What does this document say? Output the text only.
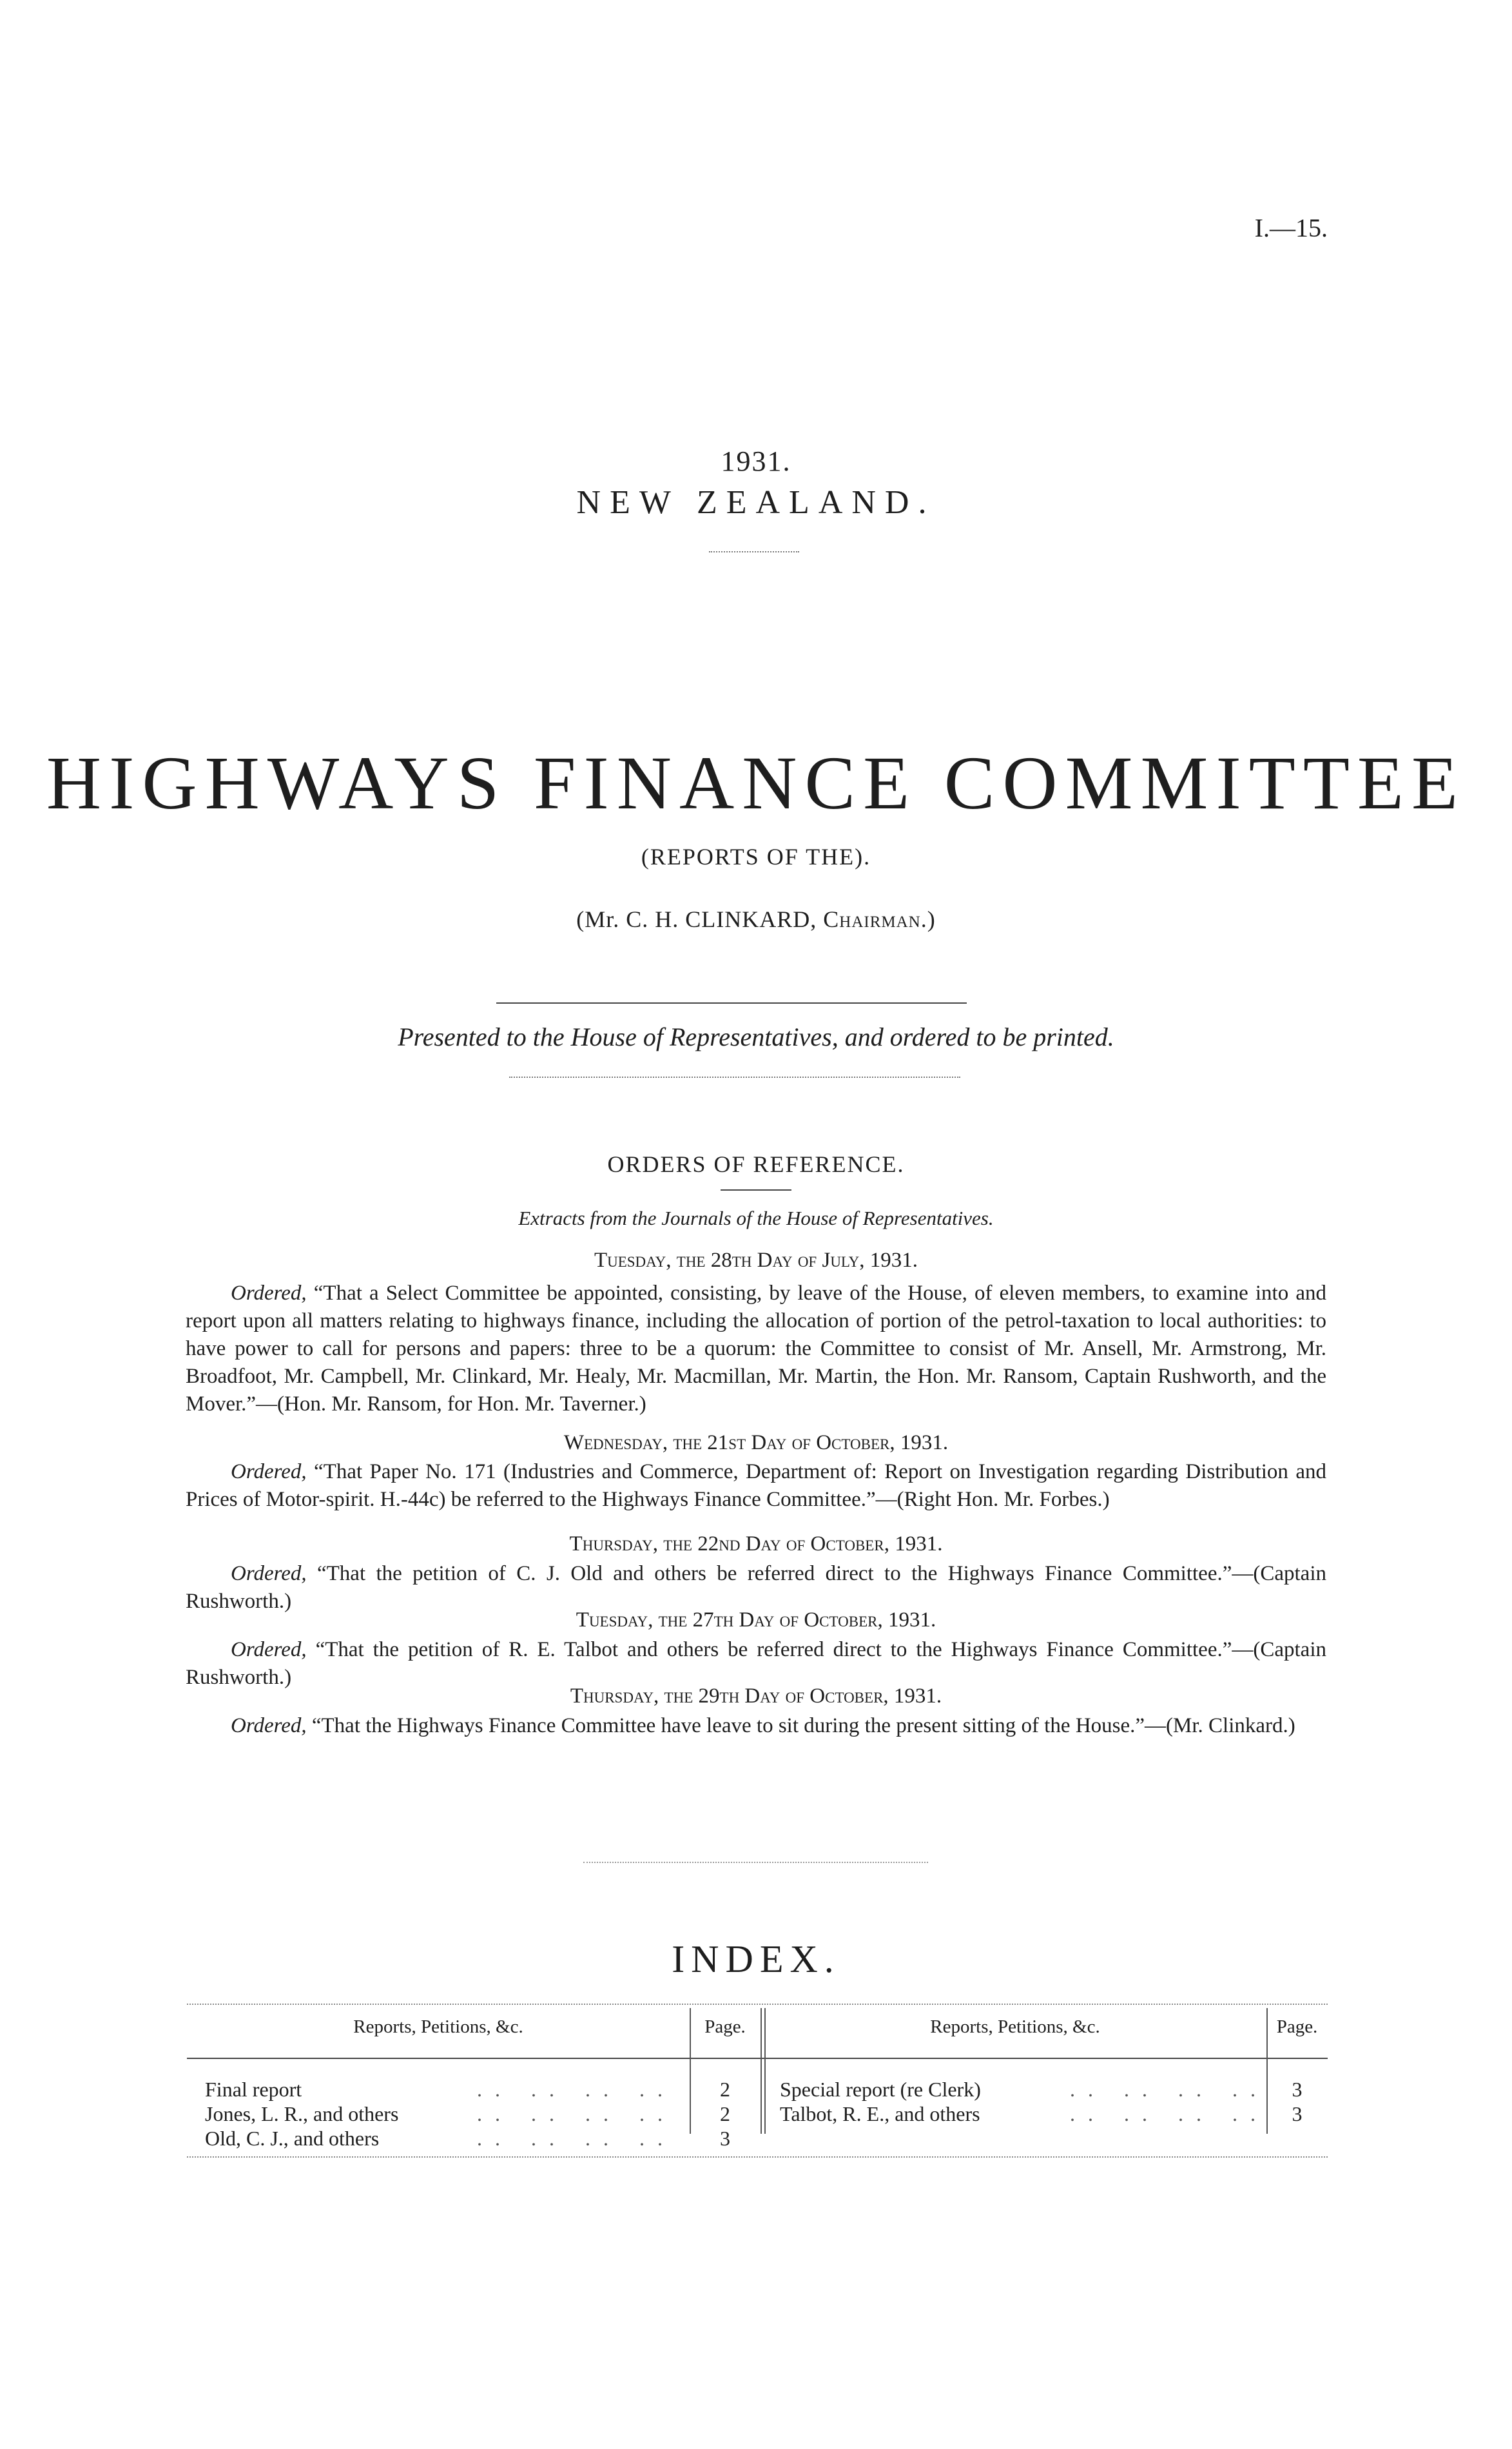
I.—15.
1931.
NEW ZEALAND.
HIGHWAYS FINANCE COMMITTEE
(REPORTS OF THE).
(Mr. C. H. CLINKARD, Chairman.)
Presented to the House of Representatives, and ordered to be printed.
ORDERS OF REFERENCE.
Extracts from the Journals of the House of Representatives.
Tuesday, the 28th Day of July, 1931.
Ordered, “That a Select Committee be appointed, consisting, by leave of the House, of eleven members, to examine into and report upon all matters relating to highways finance, including the allocation of portion of the petrol-taxation to local authorities: to have power to call for persons and papers: three to be a quorum: the Committee to consist of Mr. Ansell, Mr. Armstrong, Mr. Broadfoot, Mr. Campbell, Mr. Clinkard, Mr. Healy, Mr. Macmillan, Mr. Martin, the Hon. Mr. Ransom, Captain Rushworth, and the Mover.”—(Hon. Mr. Ransom, for Hon. Mr. Taverner.)
Wednesday, the 21st Day of October, 1931.
Ordered, “That Paper No. 171 (Industries and Commerce, Department of: Report on Investigation regarding Distribution and Prices of Motor-spirit. H.-44c) be referred to the Highways Finance Committee.”—(Right Hon. Mr. Forbes.)
Thursday, the 22nd Day of October, 1931.
Ordered, “That the petition of C. J. Old and others be referred direct to the Highways Finance Committee.”—(Captain Rushworth.)
Tuesday, the 27th Day of October, 1931.
Ordered, “That the petition of R. E. Talbot and others be referred direct to the Highways Finance Committee.”—(Captain Rushworth.)
Thursday, the 29th Day of October, 1931.
Ordered, “That the Highways Finance Committee have leave to sit during the present sitting of the House.”—(Mr. Clinkard.)
INDEX.
Reports, Petitions, &c.	Page.	Reports, Petitions, &c.	Page.
Final report	.. .. .. ..	2
Jones, L. R., and others	.. .. .. ..	2
Old, C. J., and others	.. .. .. ..	3
Special report (re Clerk)	.. .. .. ..	3
Talbot, R. E., and others	.. .. .. ..	3
